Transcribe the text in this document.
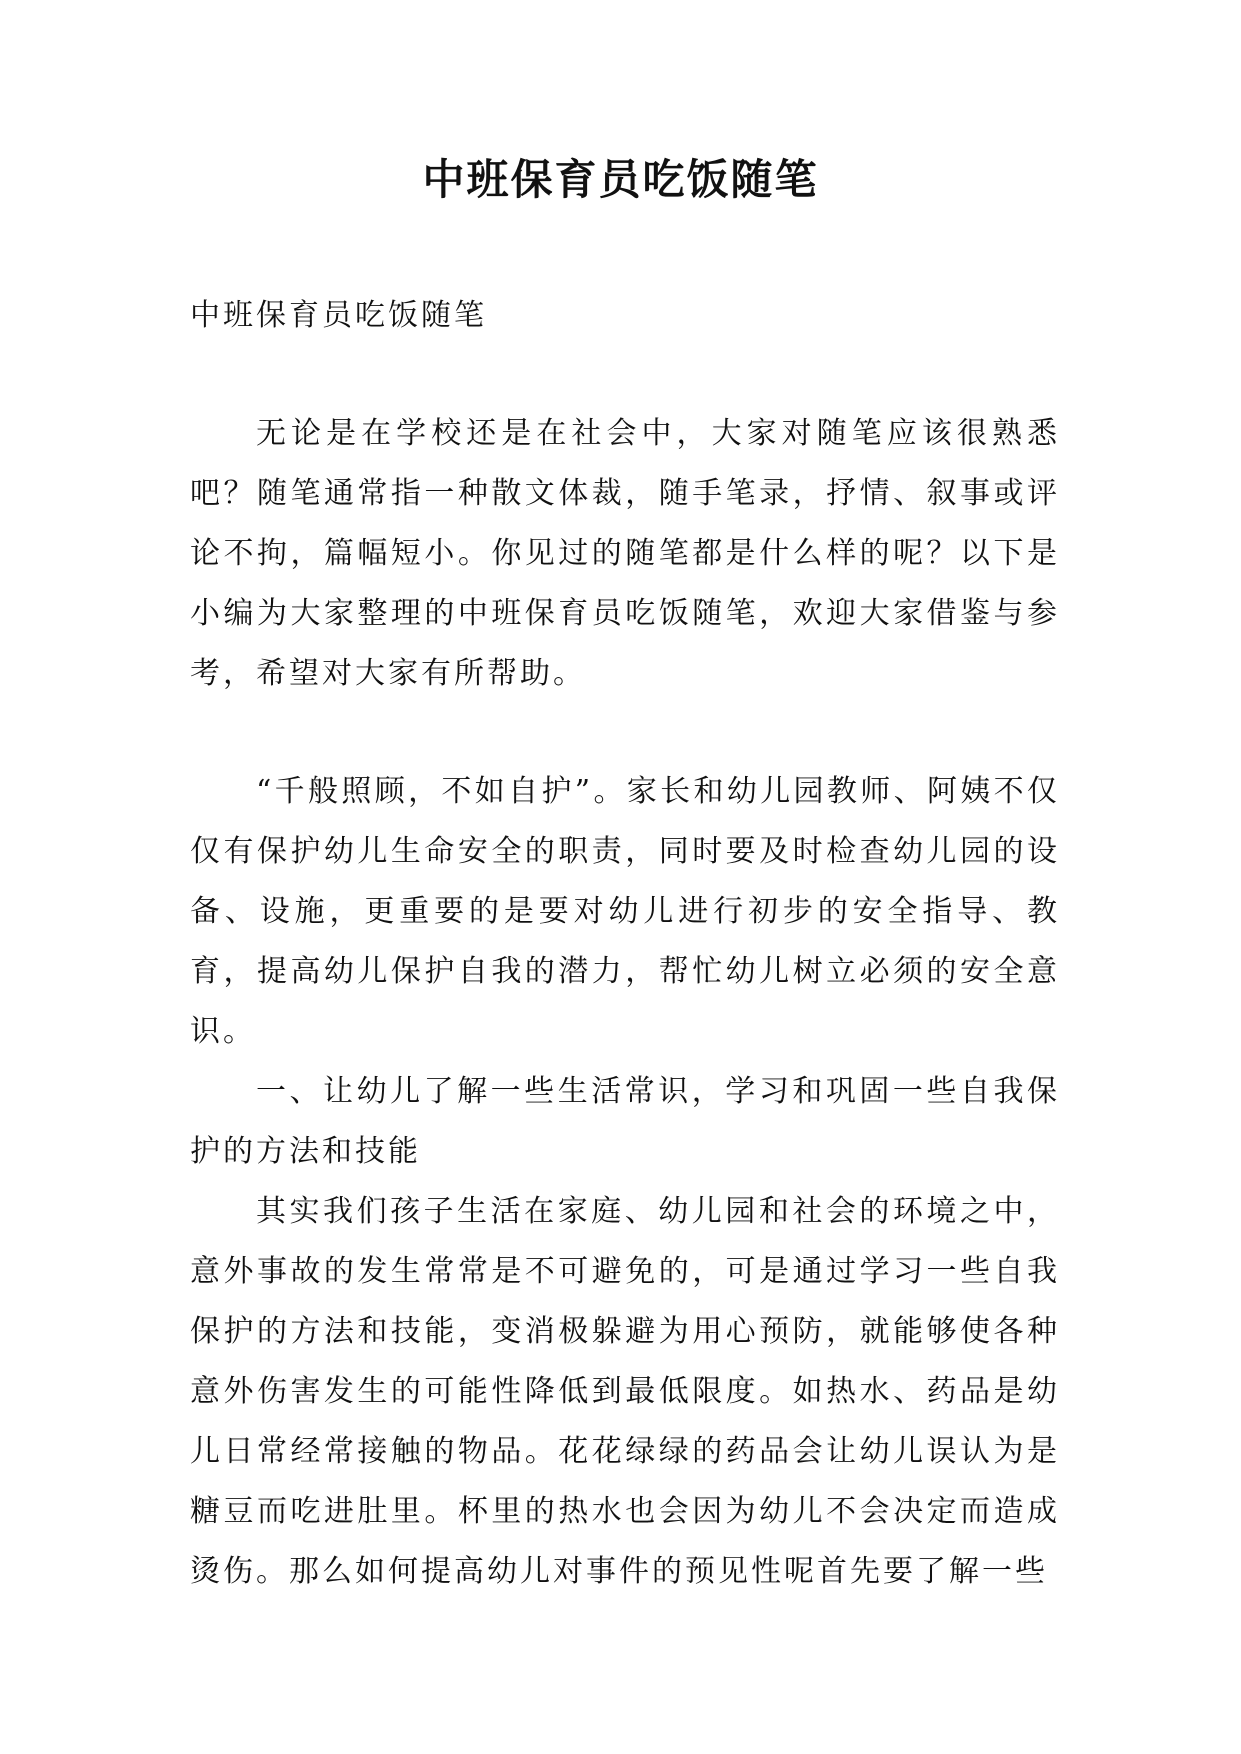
中班保育员吃饭随笔

中班保育员吃饭随笔

无论是在学校还是在社会中，大家对随笔应该很熟悉吧？随笔通常指一种散文体裁，随手笔录，抒情、叙事或评论不拘，篇幅短小。你见过的随笔都是什么样的呢？以下是小编为大家整理的中班保育员吃饭随笔，欢迎大家借鉴与参考，希望对大家有所帮助。

“千般照顾，不如自护”。家长和幼儿园教师、阿姨不仅仅有保护幼儿生命安全的职责，同时要及时检查幼儿园的设备、设施，更重要的是要对幼儿进行初步的安全指导、教育，提高幼儿保护自我的潜力，帮忙幼儿树立必须的安全意识。

一、让幼儿了解一些生活常识，学习和巩固一些自我保护的方法和技能

其实我们孩子生活在家庭、幼儿园和社会的环境之中，意外事故的发生常常是不可避免的，可是通过学习一些自我保护的方法和技能，变消极躲避为用心预防，就能够使各种意外伤害发生的可能性降低到最低限度。如热水、药品是幼儿日常经常接触的物品。花花绿绿的药品会让幼儿误认为是糖豆而吃进肚里。杯里的热水也会因为幼儿不会决定而造成烫伤。那么如何提高幼儿对事件的预见性呢首先要了解一些
